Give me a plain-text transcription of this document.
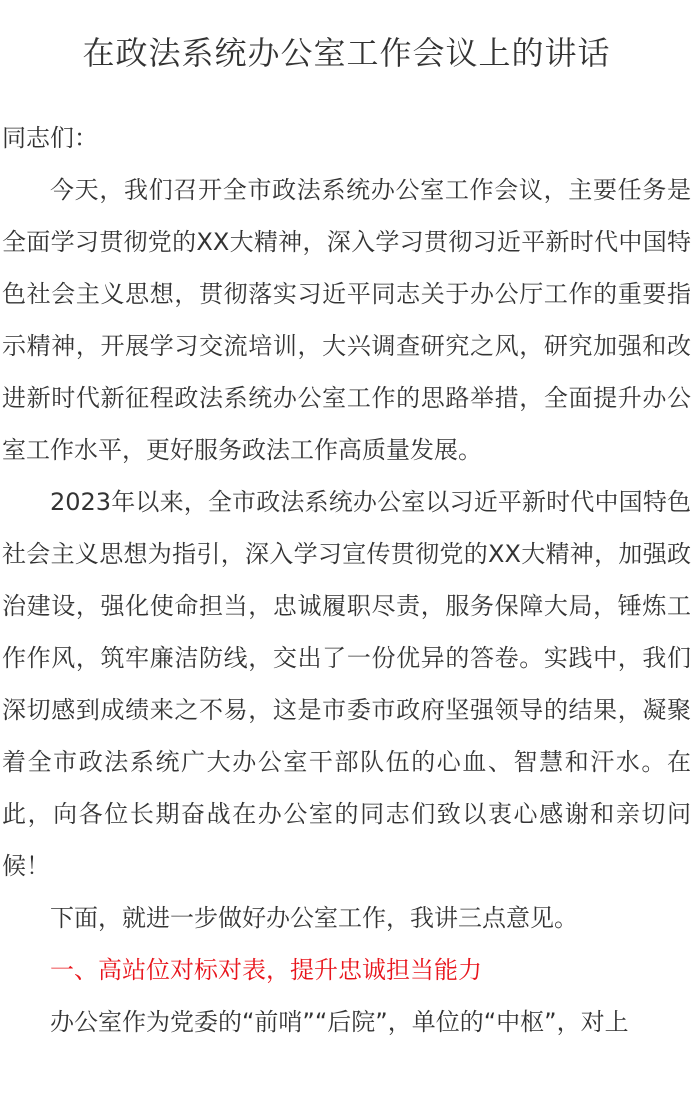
在政法系统办公室工作会议上的讲话

同志们：

今天，我们召开全市政法系统办公室工作会议，主要任务是全面学习贯彻党的XX大精神，深入学习贯彻习近平新时代中国特色社会主义思想，贯彻落实习近平同志关于办公厅工作的重要指示精神，开展学习交流培训，大兴调查研究之风，研究加强和改进新时代新征程政法系统办公室工作的思路举措，全面提升办公室工作水平，更好服务政法工作高质量发展。

2023年以来，全市政法系统办公室以习近平新时代中国特色社会主义思想为指引，深入学习宣传贯彻党的XX大精神，加强政治建设，强化使命担当，忠诚履职尽责，服务保障大局，锤炼工作作风，筑牢廉洁防线，交出了一份优异的答卷。实践中，我们深切感到成绩来之不易，这是市委市政府坚强领导的结果，凝聚着全市政法系统广大办公室干部队伍的心血、智慧和汗水。在此，向各位长期奋战在办公室的同志们致以衷心感谢和亲切问候！

下面，就进一步做好办公室工作，我讲三点意见。

一、高站位对标对表，提升忠诚担当能力

办公室作为党委的“前哨”“后院”，单位的“中枢”，对上
